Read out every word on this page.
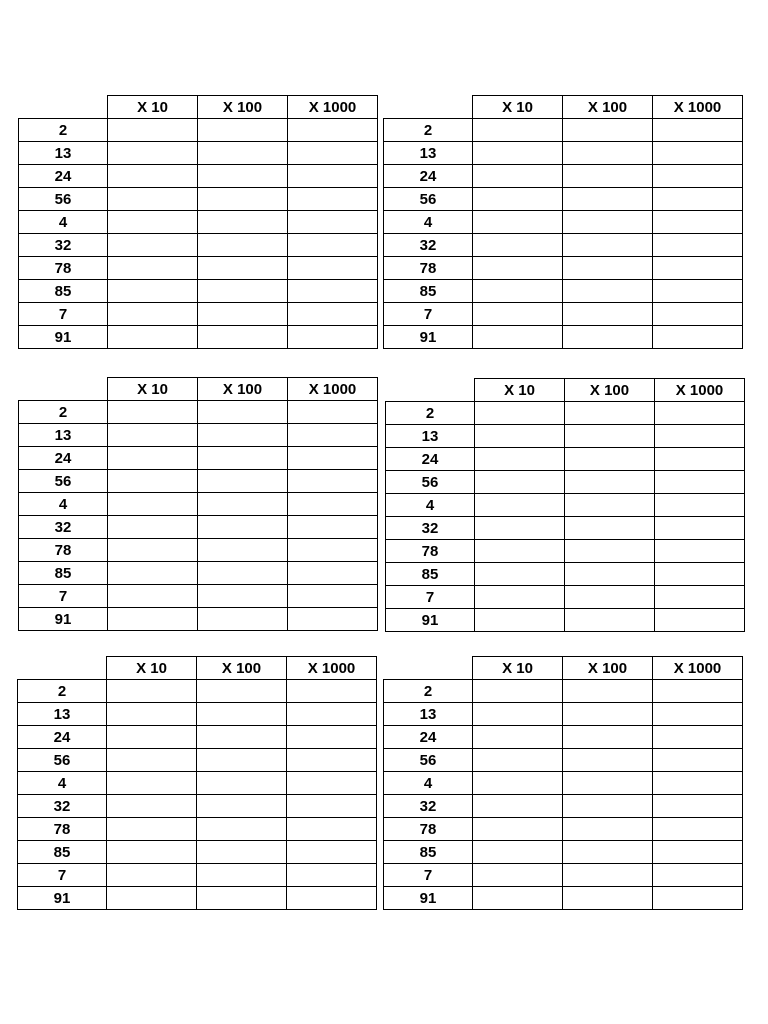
	X 10	X 100	X 1000
2			
13			
24			
56			
4			
32			
78			
85			
7			
91			
	X 10	X 100	X 1000
2			
13			
24			
56			
4			
32			
78			
85			
7			
91			
	X 10	X 100	X 1000
2			
13			
24			
56			
4			
32			
78			
85			
7			
91			
	X 10	X 100	X 1000
2			
13			
24			
56			
4			
32			
78			
85			
7			
91			
	X 10	X 100	X 1000
2			
13			
24			
56			
4			
32			
78			
85			
7			
91			
	X 10	X 100	X 1000
2			
13			
24			
56			
4			
32			
78			
85			
7			
91			
